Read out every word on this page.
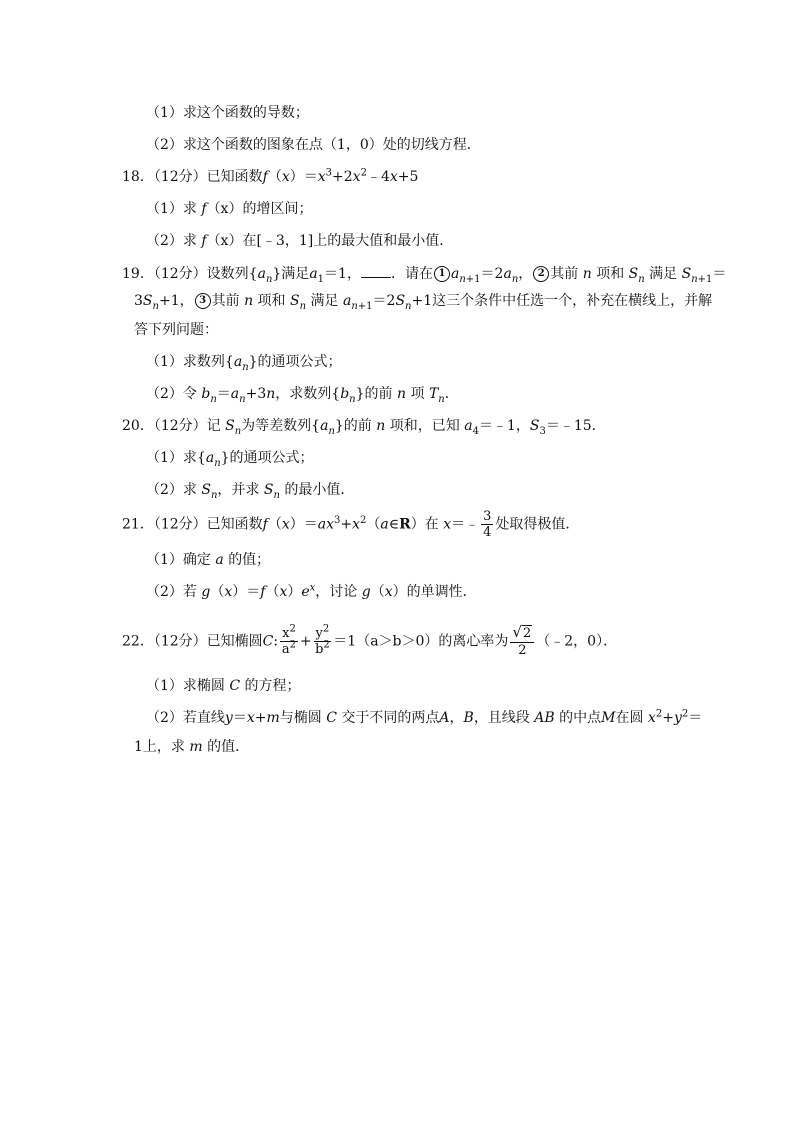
（1）求这个函数的导数；
（2）求这个函数的图象在点（1，0）处的切线方程．
18．（12分）已知函数$f(x)=x^3+2x^2﹣4x+5$
（1）求 f（x）的增区间；
（2）求 f（x）在[﹣3，1]上的最大值和最小值．
19．（12分）设数列$\{a_n\}$满足$a_1=1$， ．请在 1 $a_{n+1}=2a_n$， 2 其前 n 项和 $S_n$ 满足 $S_{n+1}=$
$3S_n+1$， 3 其前 n 项和 $S_n$ 满足 $a_{n+1}=2S_n+1$这三个条件中任选一个，补充在横线上，并解
答下列问题：
（1）求数列$\{a_n\}$的通项公式；
（2）令 $b_n=a_n+3n$，求数列$\{b_n\}$的前 n 项 $T_n$．
20．（12分）记 $S_n$为等差数列$\{a_n\}$的前 n 项和，已知 $a_4=﹣1$，$S_3=﹣15$．
（1）求$\{a_n\}$的通项公式；
（2）求 $S_n$，并求 $S_n$ 的最小值．
21．（12分）已知函数$f(x)=ax^3+x^2(a\in R)$在 x＝﹣ $\frac{3}{4}$ 处取得极值．
（1）确定 a 的值；
（2）若 $g(x)=f(x)e^x$，讨论 g（x）的单调性．
22．（12分）已知椭圆C: $\frac{x^2}{a^2} + \frac{y^2}{b^2} =1(a>b>0)$的离心率为 $\frac{√2}{2}$ （﹣2，0）．
（1）求椭圆 C 的方程；
（2）若直线y＝x+m与椭圆 C 交于不同的两点A，B，且线段 AB 的中点M在圆 $x^2+y^2=$
1上，求 m 的值．
